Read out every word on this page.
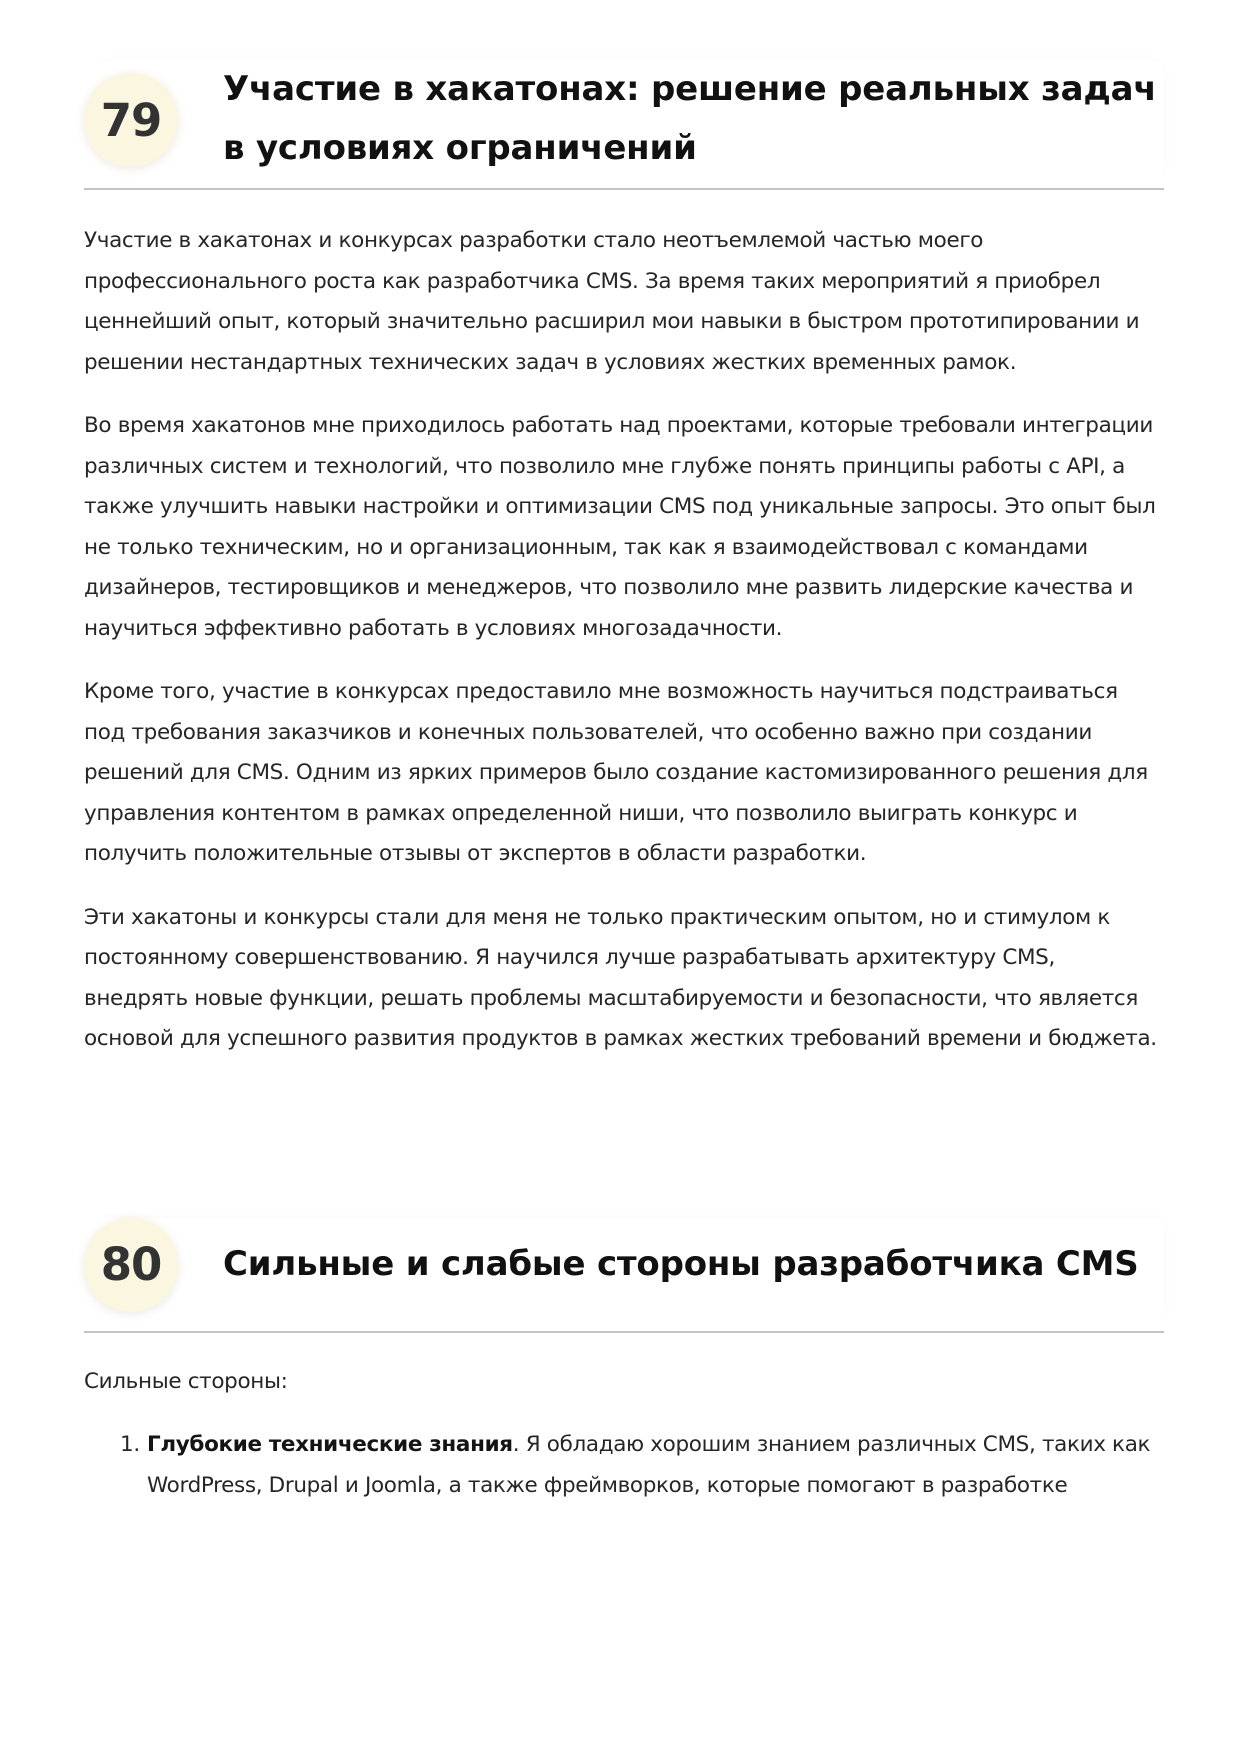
79
Участие в хакатонах: решение реальных задач в условиях ограничений

Участие в хакатонах и конкурсах разработки стало неотъемлемой частью моего профессионального роста как разработчика CMS. За время таких мероприятий я приобрел ценнейший опыт, который значительно расширил мои навыки в быстром прототипировании и решении нестандартных технических задач в условиях жестких временных рамок.

Во время хакатонов мне приходилось работать над проектами, которые требовали интеграции различных систем и технологий, что позволило мне глубже понять принципы работы с API, а также улучшить навыки настройки и оптимизации CMS под уникальные запросы. Это опыт был не только техническим, но и организационным, так как я взаимодействовал с командами дизайнеров, тестировщиков и менеджеров, что позволило мне развить лидерские качества и научиться эффективно работать в условиях многозадачности.

Кроме того, участие в конкурсах предоставило мне возможность научиться подстраиваться под требования заказчиков и конечных пользователей, что особенно важно при создании решений для CMS. Одним из ярких примеров было создание кастомизированного решения для управления контентом в рамках определенной ниши, что позволило выиграть конкурс и получить положительные отзывы от экспертов в области разработки.

Эти хакатоны и конкурсы стали для меня не только практическим опытом, но и стимулом к постоянному совершенствованию. Я научился лучше разрабатывать архитектуру CMS, внедрять новые функции, решать проблемы масштабируемости и безопасности, что является основой для успешного развития продуктов в рамках жестких требований времени и бюджета.

80	Сильные и слабые стороны разработчика CMS

Сильные стороны:

1. Глубокие технические знания. Я обладаю хорошим знанием различных CMS, таких как WordPress, Drupal и Joomla, а также фреймворков, которые помогают в разработке
